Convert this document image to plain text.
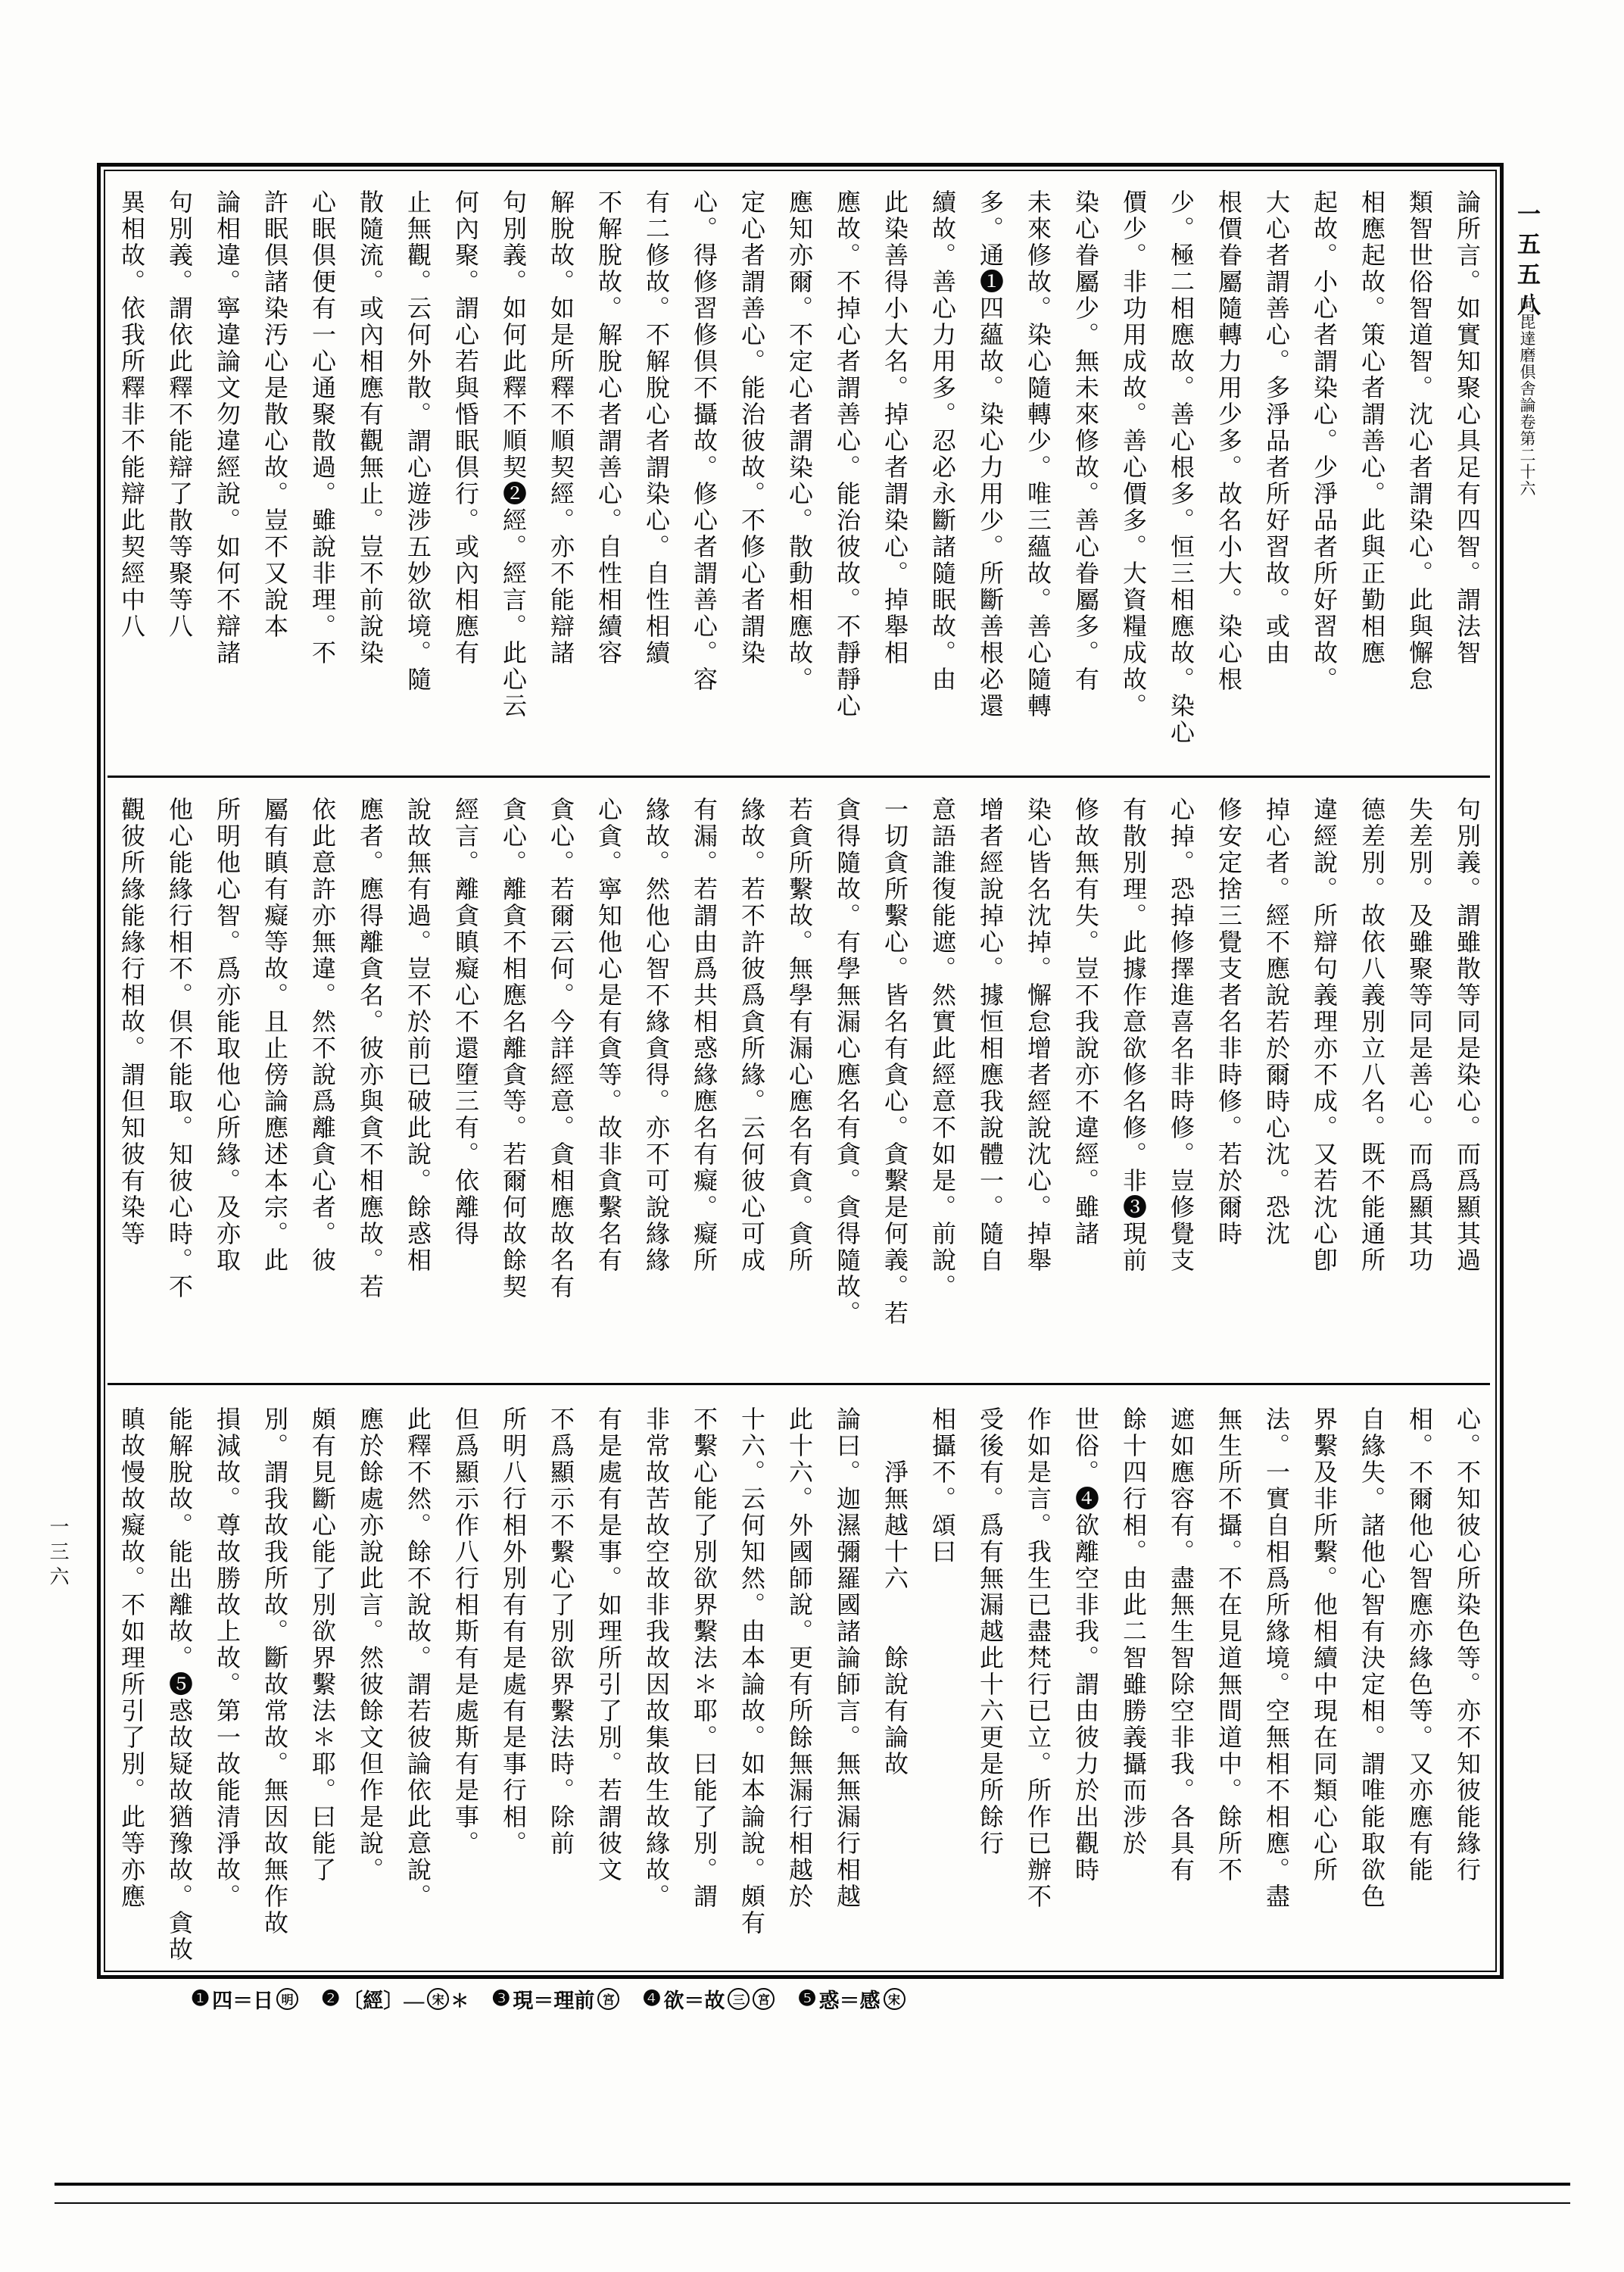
一五五八
阿毘達磨倶舎論卷第二十六
一三六
論所言。如實知聚心具足有四智。謂法智
類智世俗智道智。沈心者謂染心。此與懈怠
相應起故。策心者謂善心。此與正勤相應
起故。小心者謂染心。少淨品者所好習故。
大心者謂善心。多淨品者所好習故。或由
根價眷屬隨轉力用少多。故名小大。染心根
少。極二相應故。善心根多。恒三相應故。染心
價少。非功用成故。善心價多。大資糧成故。
染心眷屬少。無未來修故。善心眷屬多。有
未來修故。染心隨轉少。唯三蘊故。善心隨轉
多。通❶四蘊故。染心力用少。所斷善根必還
續故。善心力用多。忍必永斷諸隨眠故。由
此染善得小大名。掉心者謂染心。掉舉相
應故。不掉心者謂善心。能治彼故。不靜靜心
應知亦爾。不定心者謂染心。散動相應故。
定心者謂善心。能治彼故。不修心者謂染
心。得修習修倶不攝故。修心者謂善心。容
有二修故。不解脫心者謂染心。自性相續
不解脫故。解脫心者謂善心。自性相續容
解脫故。如是所釋不順契經。亦不能辯諸
句別義。如何此釋不順契❷經。經言。此心云
何內聚。謂心若與惛眠倶行。或內相應有
止無觀。云何外散。謂心遊涉五妙欲境。隨
散隨流。或內相應有觀無止。豈不前說染
心眠倶便有一心通聚散過。雖說非理。不
許眠倶諸染汚心是散心故。豈不又說本
論相違。寧違論文勿違經說。如何不辯諸
句別義。謂依此釋不能辯了散等聚等八
異相故。依我所釋非不能辯此契經中八
句別義。謂雖散等同是染心。而爲顯其過
失差別。及雖聚等同是善心。而爲顯其功
德差別。故依八義別立八名。既不能通所
違經說。所辯句義理亦不成。又若沈心卽
掉心者。經不應說若於爾時心沈。恐沈
修安定捨三覺支者名非時修。若於爾時
心掉。恐掉修擇進喜名非時修。豈修覺支
有散別理。此據作意欲修名修。非❸現前
修故無有失。豈不我說亦不違經。雖諸
染心皆名沈掉。懈怠增者經說沈心。掉舉
增者經說掉心。據恒相應我說體一。隨自
意語誰復能遮。然實此經意不如是。前說。
一切貪所繫心。皆名有貪心。貪繫是何義。若
貪得隨故。有學無漏心應名有貪。貪得隨故。
若貪所繫故。無學有漏心應名有貪。貪所
緣故。若不許彼爲貪所緣。云何彼心可成
有漏。若謂由爲共相惑緣應名有癡。癡所
緣故。然他心智不緣貪得。亦不可說緣緣
心貪。寧知他心是有貪等。故非貪繫名有
貪心。若爾云何。今詳經意。貪相應故名有
貪心。離貪不相應名離貪等。若爾何故餘契
經言。離貪瞋癡心不還墮三有。依離得
說故無有過。豈不於前已破此說。餘惑相
應者。應得離貪名。彼亦與貪不相應故。若
依此意許亦無違。然不說爲離貪心者。彼
屬有瞋有癡等故。且止傍論應述本宗。此
所明他心智。爲亦能取他心所緣。及亦取
他心能緣行相不。倶不能取。知彼心時。不
觀彼所緣能緣行相故。謂但知彼有染等
心。不知彼心所染色等。亦不知彼能緣行
相。不爾他心智應亦緣色等。又亦應有能
自緣失。諸他心智有決定相。謂唯能取欲色
界繫及非所繫。他相續中現在同類心心所
法。一實自相爲所緣境。空無相不相應。盡
無生所不攝。不在見道無間道中。餘所不
遮如應容有。盡無生智除空非我。各具有
餘十四行相。由此二智雖勝義攝而涉於
世俗。❹欲離空非我。謂由彼力於出觀時
作如是言。我生已盡梵行已立。所作已辦不
受後有。爲有無漏越此十六更是所餘行
相攝不。頌曰
　　淨無越十六　　餘說有論故
論曰。迦濕彌羅國諸論師言。無無漏行相越
此十六。外國師說。更有所餘無漏行相越於
十六。云何知然。由本論故。如本論說。頗有
不繫心能了別欲界繫法＊耶。曰能了別。謂
非常故苦故空故非我故因故集故生故緣故。
有是處有是事。如理所引了別。若謂彼文
不爲顯示不繫心了別欲界繫法時。除前
所明八行相外別有有是處有是事行相。
但爲顯示作八行相斯有是處斯有是事。
此釋不然。餘不說故。謂若彼論依此意說。
應於餘處亦說此言。然彼餘文但作是說。
頗有見斷心能了別欲界繫法＊耶。曰能了
別。謂我故我所故。斷故常故。無因故無作故
損減故。尊故勝故上故。第一故能清淨故。
能解脫故。能出離故。❺惑故疑故猶豫故。貪故
瞋故慢故癡故。不如理所引了別。此等亦應
❶ 四＝日 明 ❷ 〔經〕— 宋 ＊ ❸ 現＝理前 宮 ❹ 欲＝故 三	宮 ❺ 惑＝感 宋
